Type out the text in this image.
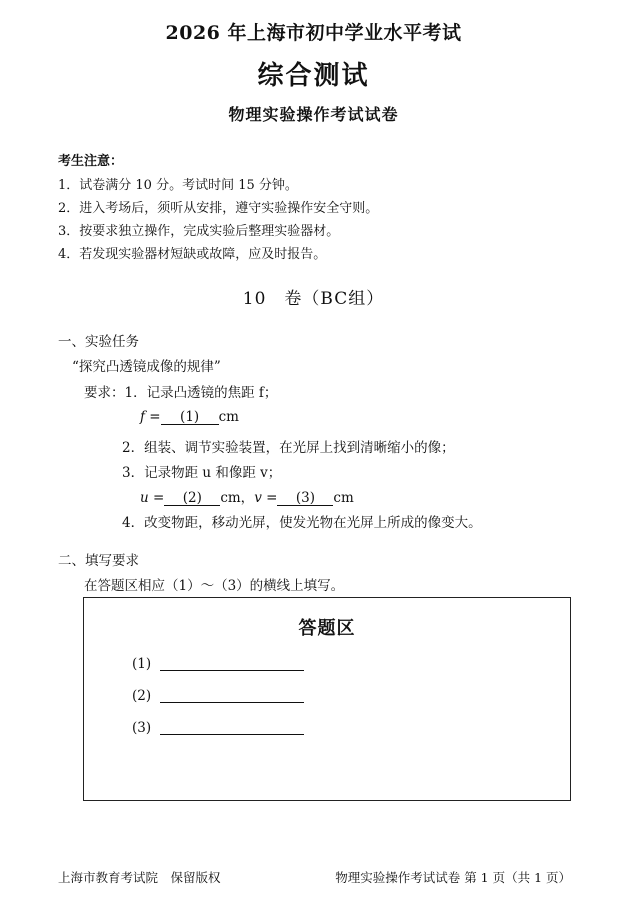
2026 年上海市初中学业水平考试
综合测试
物理实验操作考试试卷
考生注意：
1．试卷满分 10 分。考试时间 15 分钟。
2．进入考场后，须听从安排，遵守实验操作安全守则。
3．按要求独立操作，完成实验后整理实验器材。
4．若发现实验器材短缺或故障，应及时报告。
10　卷（BC组）
一、实验任务
“探究凸透镜成像的规律”
要求：1．记录凸透镜的焦距 f；
f = (1) cm
2．组装、调节实验装置，在光屏上找到清晰缩小的像；
3．记录物距 u 和像距 v；
u = (2) cm，v = (3) cm
4．改变物距，移动光屏，使发光物在光屏上所成的像变大。
二、填写要求
在答题区相应（1）～（3）的横线上填写。
答题区
(1)
(2)
(3)
上海市教育考试院　保留版权	物理实验操作考试试卷 第 1 页（共 1 页）
